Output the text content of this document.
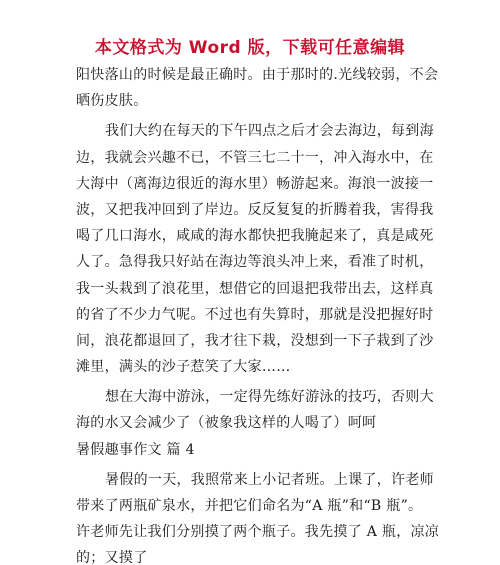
本文格式为 Word 版，下载可任意编辑
阳快落山的时候是最正确时。由于那时的.光线较弱，不会
晒伤皮肤。
我们大约在每天的下午四点之后才会去海边，每到海
边，我就会兴趣不已，不管三七二十一，冲入海水中，在
大海中（离海边很近的海水里）畅游起来。海浪一波接一
波，又把我冲回到了岸边。反反复复的折腾着我，害得我
喝了几口海水，咸咸的海水都快把我腌起来了，真是咸死
人了。急得我只好站在海边等浪头冲上来，看准了时机，
我一头栽到了浪花里，想借它的回退把我带出去，这样真
的省了不少力气呢。不过也有失算时，那就是没把握好时
间，浪花都退回了，我才往下栽，没想到一下子栽到了沙
滩里，满头的沙子惹笑了大家……
想在大海中游泳，一定得先练好游泳的技巧，否则大
海的水又会减少了（被象我这样的人喝了）呵呵
暑假趣事作文 篇 4
暑假的一天，我照常来上小记者班。上课了，许老师
带来了两瓶矿泉水，并把它们命名为“A 瓶”和“B 瓶”。
许老师先让我们分别摸了两个瓶子。我先摸了 A 瓶，凉凉
的；又摸了
